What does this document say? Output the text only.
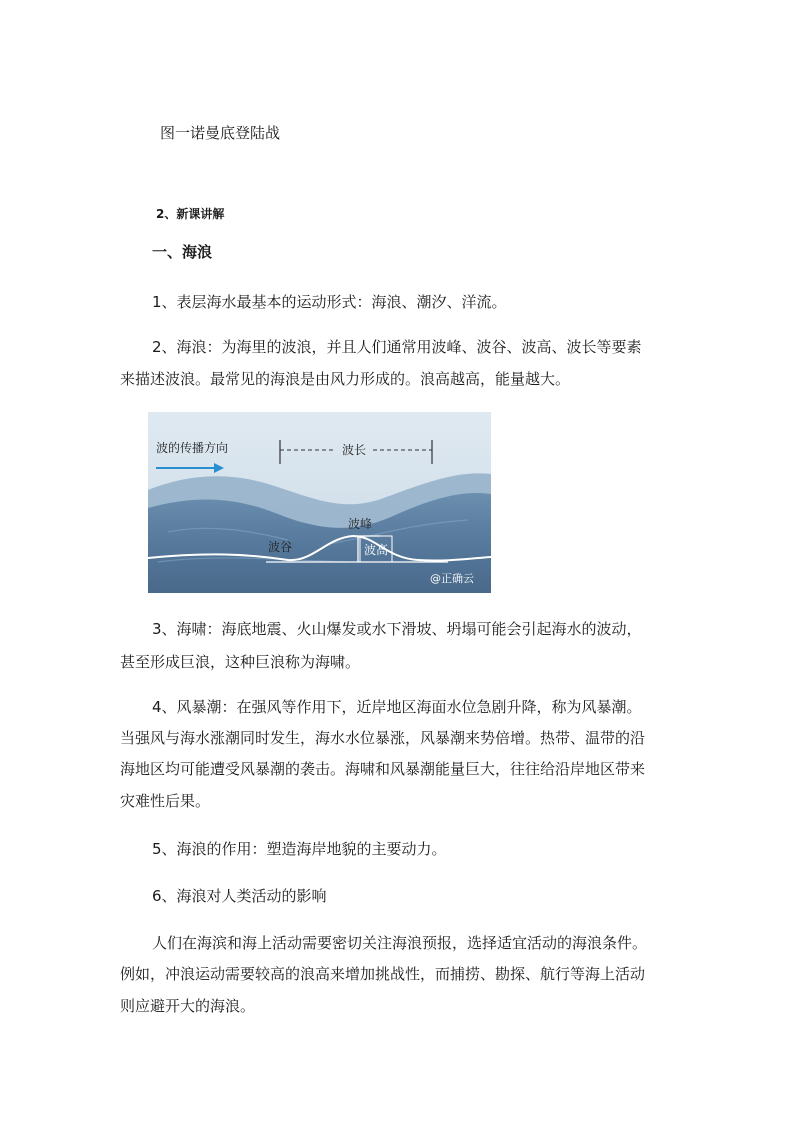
图一诺曼底登陆战
2、新课讲解
一、海浪
1、表层海水最基本的运动形式：海浪、潮汐、洋流。
2、海浪：为海里的波浪，并且人们通常用波峰、波谷、波高、波长等要素
来描述波浪。最常见的海浪是由风力形成的。浪高越高，能量越大。
波的传播方向	波长
波峰
波谷	波高
@正确云
3、海啸：海底地震、火山爆发或水下滑坡、坍塌可能会引起海水的波动，
甚至形成巨浪，这种巨浪称为海啸。
4、风暴潮：在强风等作用下，近岸地区海面水位急剧升降，称为风暴潮。
当强风与海水涨潮同时发生，海水水位暴涨，风暴潮来势倍增。热带、温带的沿
海地区均可能遭受风暴潮的袭击。海啸和风暴潮能量巨大，往往给沿岸地区带来
灾难性后果。
5、海浪的作用：塑造海岸地貌的主要动力。
6、海浪对人类活动的影响
人们在海滨和海上活动需要密切关注海浪预报，选择适宜活动的海浪条件。
例如，冲浪运动需要较高的浪高来增加挑战性，而捕捞、勘探、航行等海上活动
则应避开大的海浪。
